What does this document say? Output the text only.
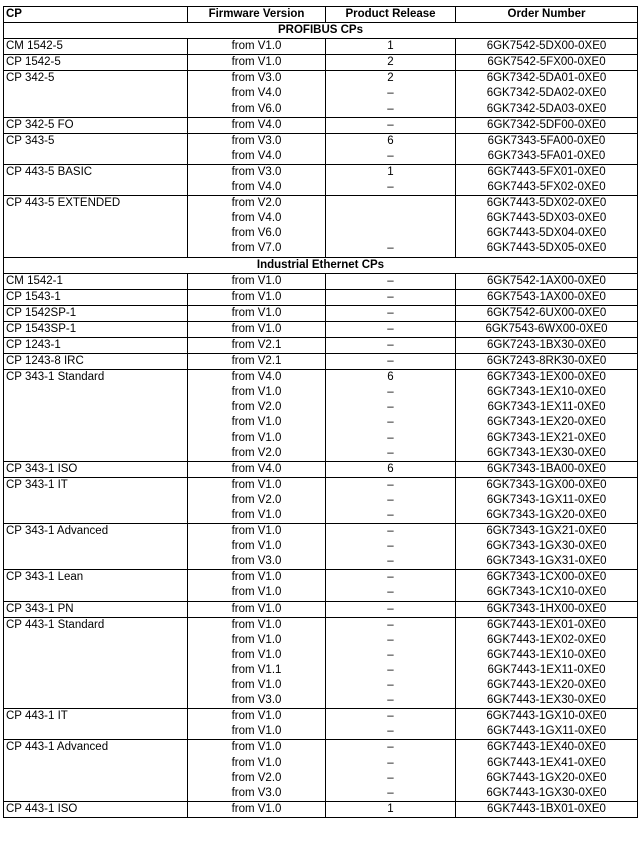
CP	Firmware Version	Product Release	Order Number
PROFIBUS CPs			
CM 1542-5	from V1.0	1	6GK7542-5DX00-0XE0
CP 1542-5	from V1.0	2	6GK7542-5FX00-0XE0
CP 342-5	from V3.0	2	6GK7342-5DA01-0XE0
	from V4.0	–	6GK7342-5DA02-0XE0
	from V6.0	–	6GK7342-5DA03-0XE0
CP 342-5 FO	from V4.0	–	6GK7342-5DF00-0XE0
CP 343-5	from V3.0	6	6GK7343-5FA00-0XE0
	from V4.0	–	6GK7343-5FA01-0XE0
CP 443-5 BASIC	from V3.0	1	6GK7443-5FX01-0XE0
	from V4.0	–	6GK7443-5FX02-0XE0
CP 443-5 EXTENDED	from V2.0		6GK7443-5DX02-0XE0
	from V4.0		6GK7443-5DX03-0XE0
	from V6.0		6GK7443-5DX04-0XE0
	from V7.0	–	6GK7443-5DX05-0XE0
Industrial Ethernet CPs			
CM 1542-1	from V1.0	–	6GK7542-1AX00-0XE0
CP 1543-1	from V1.0	–	6GK7543-1AX00-0XE0
CP 1542SP-1	from V1.0	–	6GK7542-6UX00-0XE0
CP 1543SP-1	from V1.0	–	6GK7543-6WX00-0XE0
CP 1243-1	from V2.1	–	6GK7243-1BX30-0XE0
CP 1243-8 IRC	from V2.1	–	6GK7243-8RK30-0XE0
CP 343-1 Standard	from V4.0	6	6GK7343-1EX00-0XE0
	from V1.0	–	6GK7343-1EX10-0XE0
	from V2.0	–	6GK7343-1EX11-0XE0
	from V1.0	–	6GK7343-1EX20-0XE0
	from V1.0	–	6GK7343-1EX21-0XE0
	from V2.0	–	6GK7343-1EX30-0XE0
CP 343-1 ISO	from V4.0	6	6GK7343-1BA00-0XE0
CP 343-1 IT	from V1.0	–	6GK7343-1GX00-0XE0
	from V2.0	–	6GK7343-1GX11-0XE0
	from V1.0	–	6GK7343-1GX20-0XE0
CP 343-1 Advanced	from V1.0	–	6GK7343-1GX21-0XE0
	from V1.0	–	6GK7343-1GX30-0XE0
	from V3.0	–	6GK7343-1GX31-0XE0
CP 343-1 Lean	from V1.0	–	6GK7343-1CX00-0XE0
	from V1.0	–	6GK7343-1CX10-0XE0
CP 343-1 PN	from V1.0	–	6GK7343-1HX00-0XE0
CP 443-1 Standard	from V1.0	–	6GK7443-1EX01-0XE0
	from V1.0	–	6GK7443-1EX02-0XE0
	from V1.0	–	6GK7443-1EX10-0XE0
	from V1.1	–	6GK7443-1EX11-0XE0
	from V1.0	–	6GK7443-1EX20-0XE0
	from V3.0	–	6GK7443-1EX30-0XE0
CP 443-1 IT	from V1.0	–	6GK7443-1GX10-0XE0
	from V1.0	–	6GK7443-1GX11-0XE0
CP 443-1 Advanced	from V1.0	–	6GK7443-1EX40-0XE0
	from V1.0	–	6GK7443-1EX41-0XE0
	from V2.0	–	6GK7443-1GX20-0XE0
	from V3.0	–	6GK7443-1GX30-0XE0
CP 443-1 ISO	from V1.0	1	6GK7443-1BX01-0XE0
